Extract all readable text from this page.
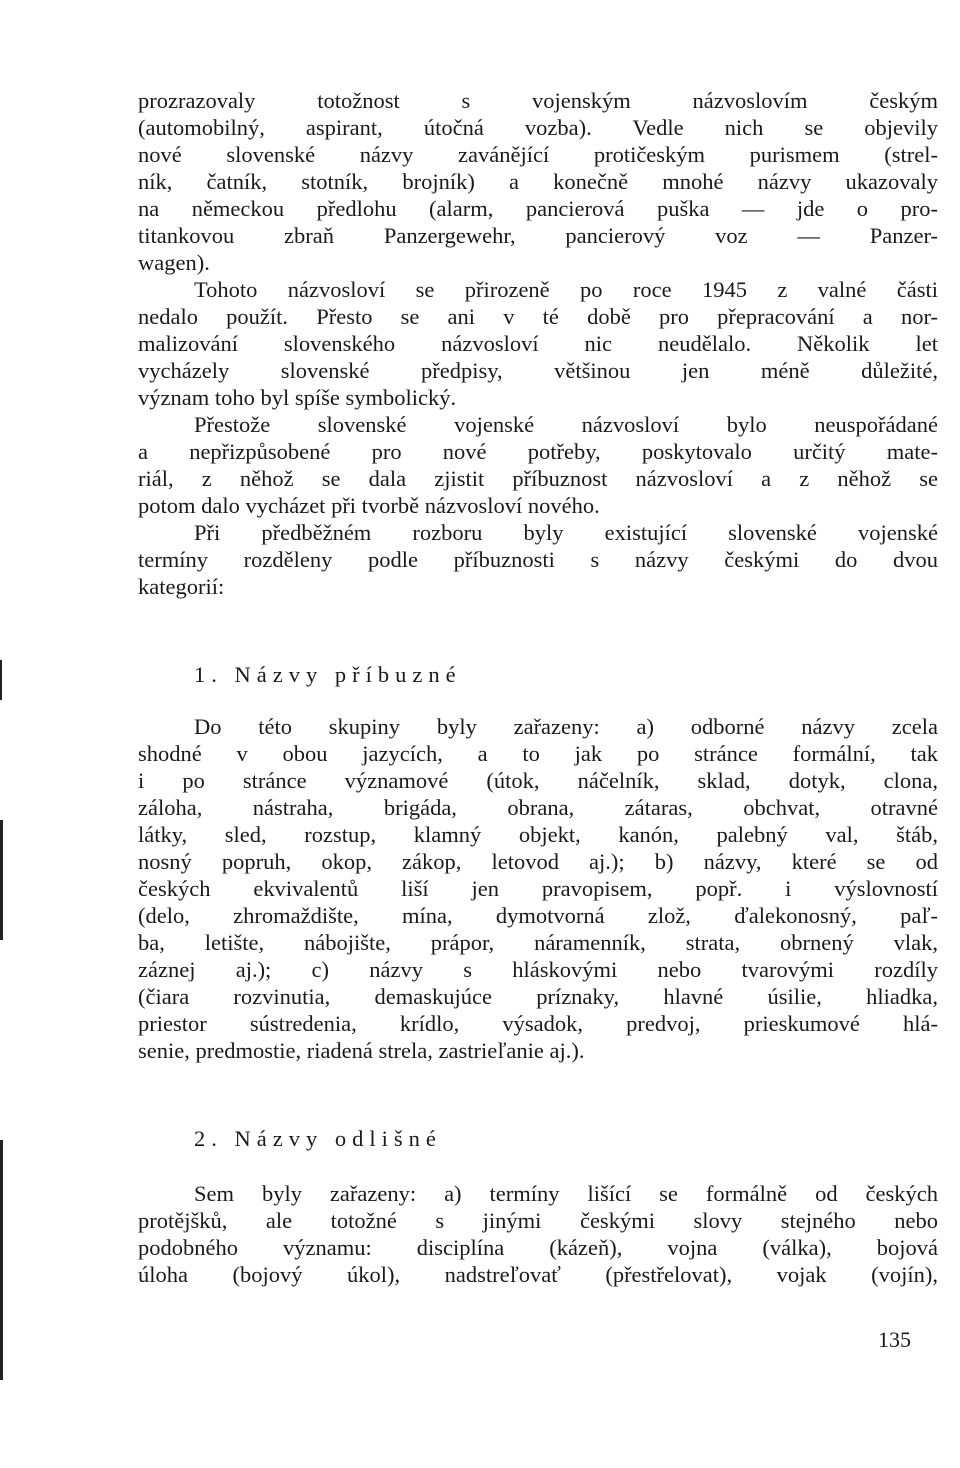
prozrazovaly totožnost s vojenským názvoslovím českým
(automobilný, aspirant, útočná vozba). Vedle nich se objevily
nové slovenské názvy zavánějící protičeským purismem (strel-
ník, čatník, stotník, brojník) a konečně mnohé názvy ukazovaly
na německou předlohu (alarm, pancierová puška — jde o pro-
titankovou zbraň Panzergewehr, pancierový voz — Panzer-
wagen).
Tohoto názvosloví se přirozeně po roce 1945 z valné části
nedalo použít. Přesto se ani v té době pro přepracování a nor-
malizování slovenského názvosloví nic neudělalo. Několik let
vycházely slovenské předpisy, většinou jen méně důležité,
význam toho byl spíše symbolický.
Přestože slovenské vojenské názvosloví bylo neuspořádané
a nepřizpůsobené pro nové potřeby, poskytovalo určitý mate-
riál, z něhož se dala zjistit příbuznost názvosloví a z něhož se
potom dalo vycházet při tvorbě názvosloví nového.
Při předběžném rozboru byly existující slovenské vojenské
termíny rozděleny podle příbuznosti s názvy českými do dvou
kategorií:
1. Názvy příbuzné
Do této skupiny byly zařazeny: a) odborné názvy zcela
shodné v obou jazycích, a to jak po stránce formální, tak
i po stránce významové (útok, náčelník, sklad, dotyk, clona,
záloha, nástraha, brigáda, obrana, zátaras, obchvat, otravné
látky, sled, rozstup, klamný objekt, kanón, palebný val, štáb,
nosný popruh, okop, zákop, letovod aj.); b) názvy, které se od
českých ekvivalentů liší jen pravopisem, popř. i výslovností
(delo, zhromaždište, mína, dymotvorná zlož, ďalekonosný, paľ-
ba, letište, nábojište, prápor, náramenník, strata, obrnený vlak,
záznej aj.); c) názvy s hláskovými nebo tvarovými rozdíly
(čiara rozvinutia, demaskujúce príznaky, hlavné úsilie, hliadka,
priestor sústredenia, krídlo, výsadok, predvoj, prieskumové hlá-
senie, predmostie, riadená strela, zastrieľanie aj.).
2. Názvy odlišné
Sem byly zařazeny: a) termíny lišící se formálně od českých
protějšků, ale totožné s jinými českými slovy stejného nebo
podobného významu: disciplína (kázeň), vojna (válka), bojová
úloha (bojový úkol), nadstreľovať (přestřelovat), vojak (vojín),
135
